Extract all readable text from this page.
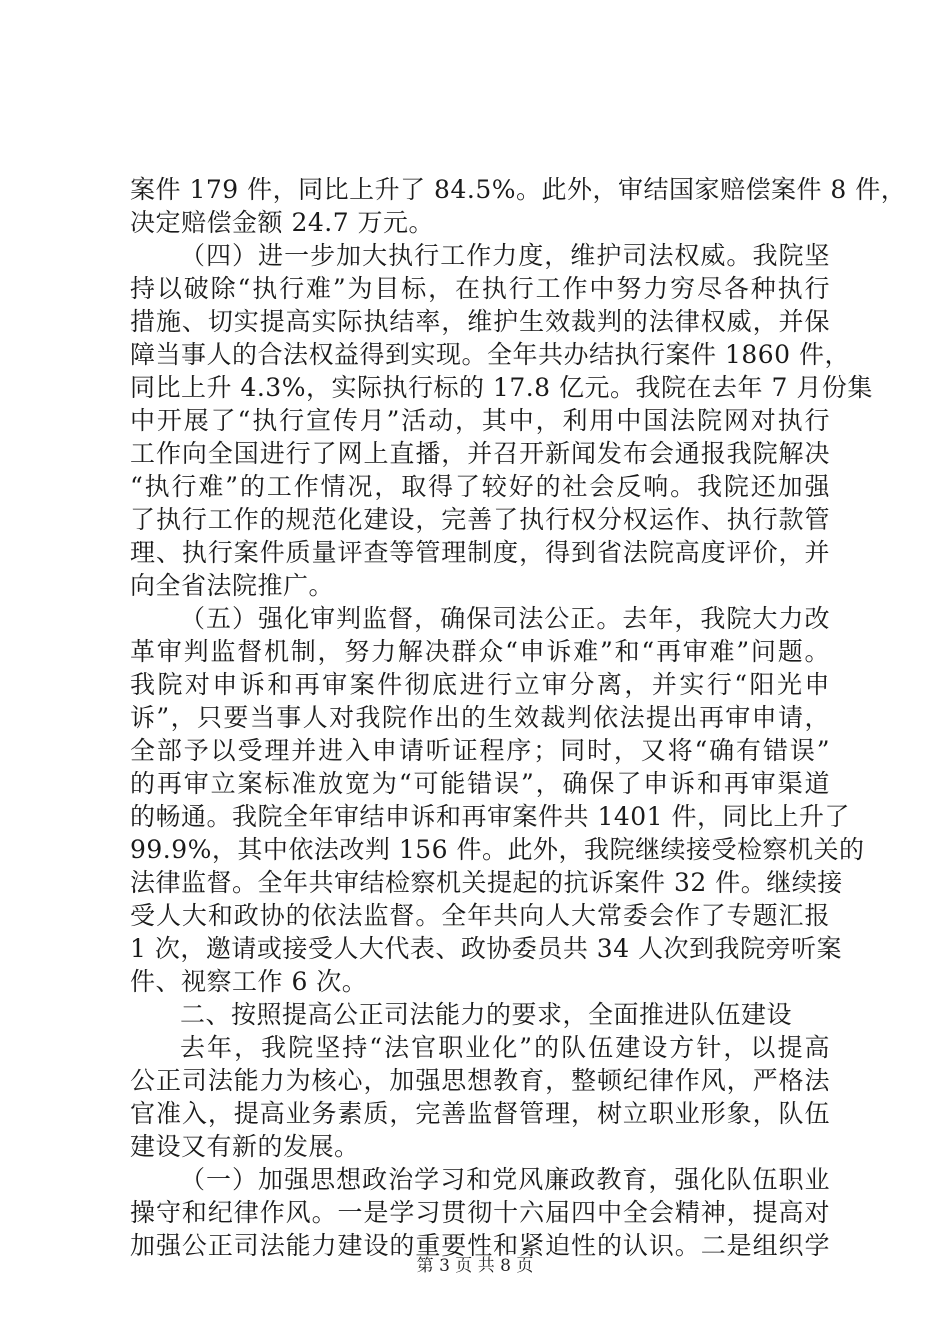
案件 179 件，同比上升了 84.5%。此外，审结国家赔偿案件 8 件，
决定赔偿金额 24.7 万元。
（四）进一步加大执行工作力度，维护司法权威。我院坚
持以破除“执行难”为目标，在执行工作中努力穷尽各种执行
措施、切实提高实际执结率，维护生效裁判的法律权威，并保
障当事人的合法权益得到实现。全年共办结执行案件 1860 件，
同比上升 4.3%，实际执行标的 17.8 亿元。我院在去年 7 月份集
中开展了“执行宣传月”活动，其中，利用中国法院网对执行
工作向全国进行了网上直播，并召开新闻发布会通报我院解决
“执行难”的工作情况，取得了较好的社会反响。我院还加强
了执行工作的规范化建设，完善了执行权分权运作、执行款管
理、执行案件质量评查等管理制度，得到省法院高度评价，并
向全省法院推广。
（五）强化审判监督，确保司法公正。去年，我院大力改
革审判监督机制，努力解决群众“申诉难”和“再审难”问题。
我院对申诉和再审案件彻底进行立审分离，并实行“阳光申
诉”，只要当事人对我院作出的生效裁判依法提出再审申请，
全部予以受理并进入申请听证程序；同时，又将“确有错误”
的再审立案标准放宽为“可能错误”，确保了申诉和再审渠道
的畅通。我院全年审结申诉和再审案件共 1401 件，同比上升了
99.9%，其中依法改判 156 件。此外，我院继续接受检察机关的
法律监督。全年共审结检察机关提起的抗诉案件 32 件。继续接
受人大和政协的依法监督。全年共向人大常委会作了专题汇报
1 次，邀请或接受人大代表、政协委员共 34 人次到我院旁听案
件、视察工作 6 次。
二、按照提高公正司法能力的要求，全面推进队伍建设
去年，我院坚持“法官职业化”的队伍建设方针，以提高
公正司法能力为核心，加强思想教育，整顿纪律作风，严格法
官准入，提高业务素质，完善监督管理，树立职业形象，队伍
建设又有新的发展。
（一）加强思想政治学习和党风廉政教育，强化队伍职业
操守和纪律作风。一是学习贯彻十六届四中全会精神，提高对
加强公正司法能力建设的重要性和紧迫性的认识。二是组织学
第 3 页 共 8 页
